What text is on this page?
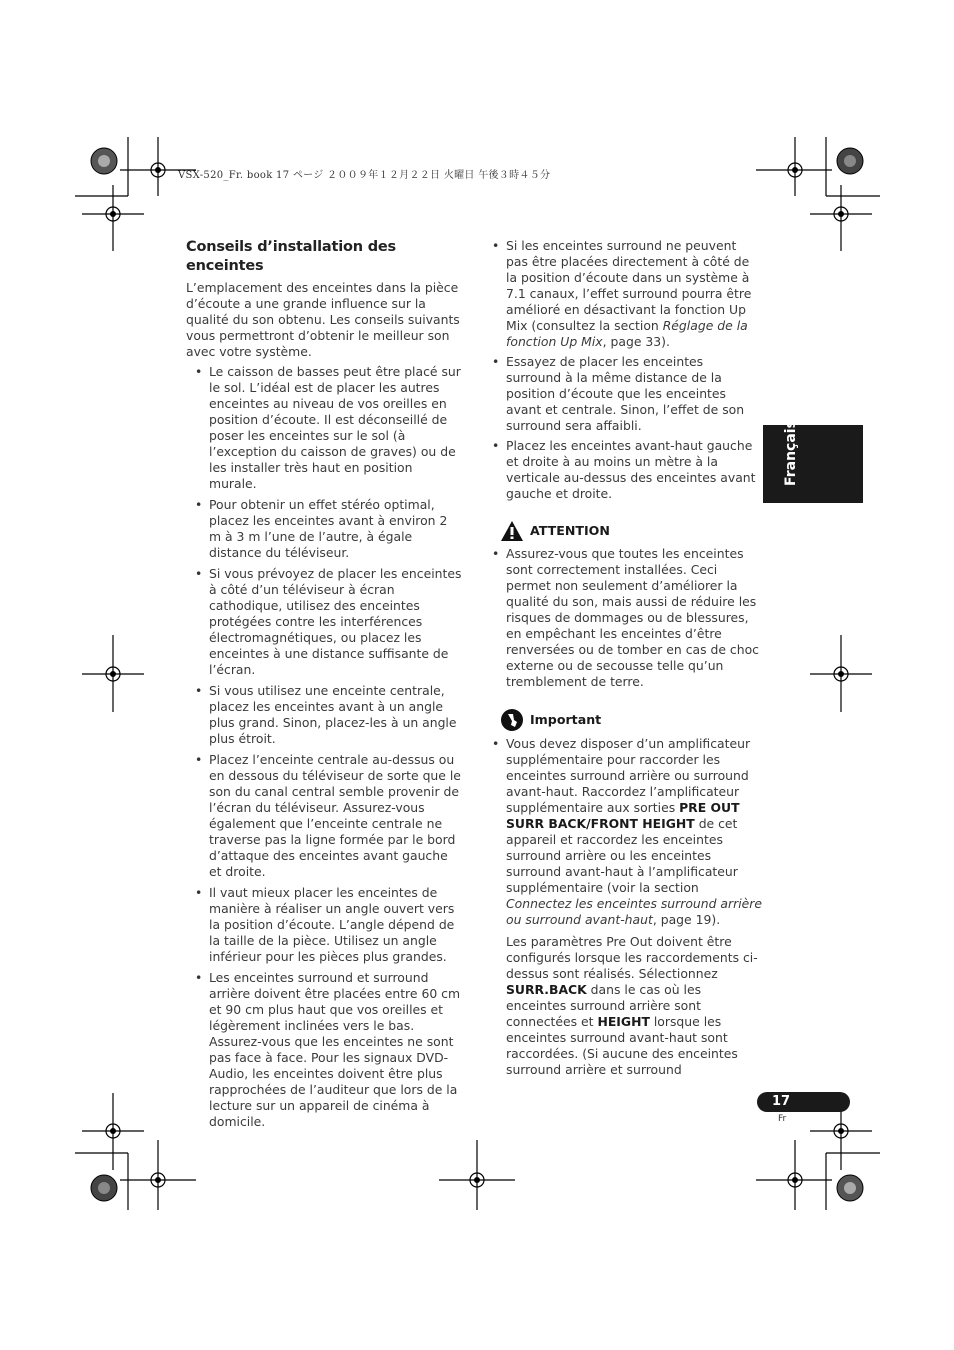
VSX-520_Fr. book 17 ページ ２００９年１２月２２日 火曜日 午後３時４５分
Conseils d’installation des enceintes

L’emplacement des enceintes dans la pièce d’écoute a une grande influence sur la qualité du son obtenu. Les conseils suivants vous permettront d’obtenir le meilleur son avec votre système.

• Le caisson de basses peut être placé sur le sol. L’idéal est de placer les autres enceintes au niveau de vos oreilles en position d’écoute. Il est déconseillé de poser les enceintes sur le sol (à l’exception du caisson de graves) ou de les installer très haut en position murale.
• Pour obtenir un effet stéréo optimal, placez les enceintes avant à environ 2 m à 3 m l’une de l’autre, à égale distance du téléviseur.
• Si vous prévoyez de placer les enceintes à côté d’un téléviseur à écran cathodique, utilisez des enceintes protégées contre les interférences électromagnétiques, ou placez les enceintes à une distance suffisante de l’écran.
• Si vous utilisez une enceinte centrale, placez les enceintes avant à un angle plus grand. Sinon, placez-les à un angle plus étroit.
• Placez l’enceinte centrale au-dessus ou en dessous du téléviseur de sorte que le son du canal central semble provenir de l’écran du téléviseur. Assurez-vous également que l’enceinte centrale ne traverse pas la ligne formée par le bord d’attaque des enceintes avant gauche et droite.
• Il vaut mieux placer les enceintes de manière à réaliser un angle ouvert vers la position d’écoute. L’angle dépend de la taille de la pièce. Utilisez un angle inférieur pour les pièces plus grandes.
• Les enceintes surround et surround arrière doivent être placées entre 60 cm et 90 cm plus haut que vos oreilles et légèrement inclinées vers le bas. Assurez-vous que les enceintes ne sont pas face à face. Pour les signaux DVD-Audio, les enceintes doivent être plus rapprochées de l’auditeur que lors de la lecture sur un appareil de cinéma à domicile.
• Si les enceintes surround ne peuvent pas être placées directement à côté de la position d’écoute dans un système à 7.1 canaux, l’effet surround pourra être amélioré en désactivant la fonction Up Mix (consultez la section Réglage de la fonction Up Mix, page 33).
• Essayez de placer les enceintes surround à la même distance de la position d’écoute que les enceintes avant et centrale. Sinon, l’effet de son surround sera affaibli.
• Placez les enceintes avant-haut gauche et droite à au moins un mètre à la verticale au-dessus des enceintes avant gauche et droite.
ATTENTION
• Assurez-vous que toutes les enceintes sont correctement installées. Ceci permet non seulement d’améliorer la qualité du son, mais aussi de réduire les risques de dommages ou de blessures, en empêchant les enceintes d’être renversées ou de tomber en cas de choc externe ou de secousse telle qu’un tremblement de terre.
Important
• Vous devez disposer d’un amplificateur supplémentaire pour raccorder les enceintes surround arrière ou surround avant-haut. Raccordez l’amplificateur supplémentaire aux sorties PRE OUT SURR BACK/FRONT HEIGHT de cet appareil et raccordez les enceintes surround arrière ou les enceintes surround avant-haut à l’amplificateur supplémentaire (voir la section Connectez les enceintes surround arrière ou surround avant-haut, page 19).

Les paramètres Pre Out doivent être configurés lorsque les raccordements ci-dessus sont réalisés. Sélectionnez SURR.BACK dans le cas où les enceintes surround arrière sont connectées et HEIGHT lorsque les enceintes surround avant-haut sont raccordées. (Si aucune des enceintes surround arrière et surround

Français
17
Fr
